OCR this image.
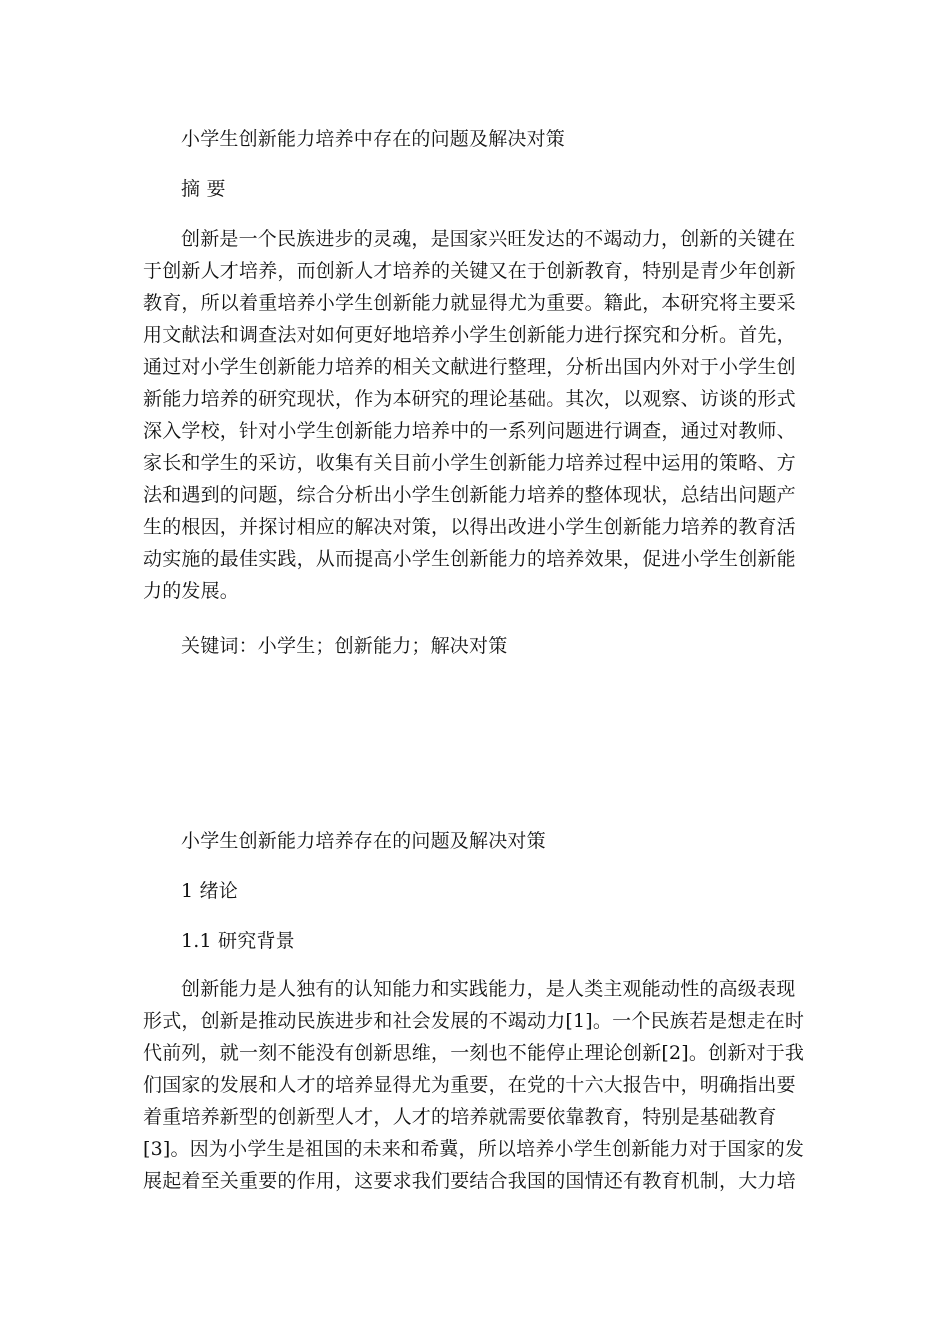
小学生创新能力培养中存在的问题及解决对策
摘 要
创新是一个民族进步的灵魂，是国家兴旺发达的不竭动力，创新的关键在
于创新人才培养，而创新人才培养的关键又在于创新教育，特别是青少年创新
教育，所以着重培养小学生创新能力就显得尤为重要。籍此，本研究将主要采
用文献法和调查法对如何更好地培养小学生创新能力进行探究和分析。首先，
通过对小学生创新能力培养的相关文献进行整理，分析出国内外对于小学生创
新能力培养的研究现状，作为本研究的理论基础。其次，以观察、访谈的形式
深入学校，针对小学生创新能力培养中的一系列问题进行调查，通过对教师、
家长和学生的采访，收集有关目前小学生创新能力培养过程中运用的策略、方
法和遇到的问题，综合分析出小学生创新能力培养的整体现状，总结出问题产
生的根因，并探讨相应的解决对策，以得出改进小学生创新能力培养的教育活
动实施的最佳实践，从而提高小学生创新能力的培养效果，促进小学生创新能
力的发展。
关键词：小学生；创新能力；解决对策
小学生创新能力培养存在的问题及解决对策
1 绪论
1.1 研究背景
创新能力是人独有的认知能力和实践能力，是人类主观能动性的高级表现
形式，创新是推动民族进步和社会发展的不竭动力[1]。一个民族若是想走在时
代前列，就一刻不能没有创新思维，一刻也不能停止理论创新[2]。创新对于我
们国家的发展和人才的培养显得尤为重要，在党的十六大报告中，明确指出要
着重培养新型的创新型人才，人才的培养就需要依靠教育，特别是基础教育
[3]。因为小学生是祖国的未来和希冀，所以培养小学生创新能力对于国家的发
展起着至关重要的作用，这要求我们要结合我国的国情还有教育机制，大力培
